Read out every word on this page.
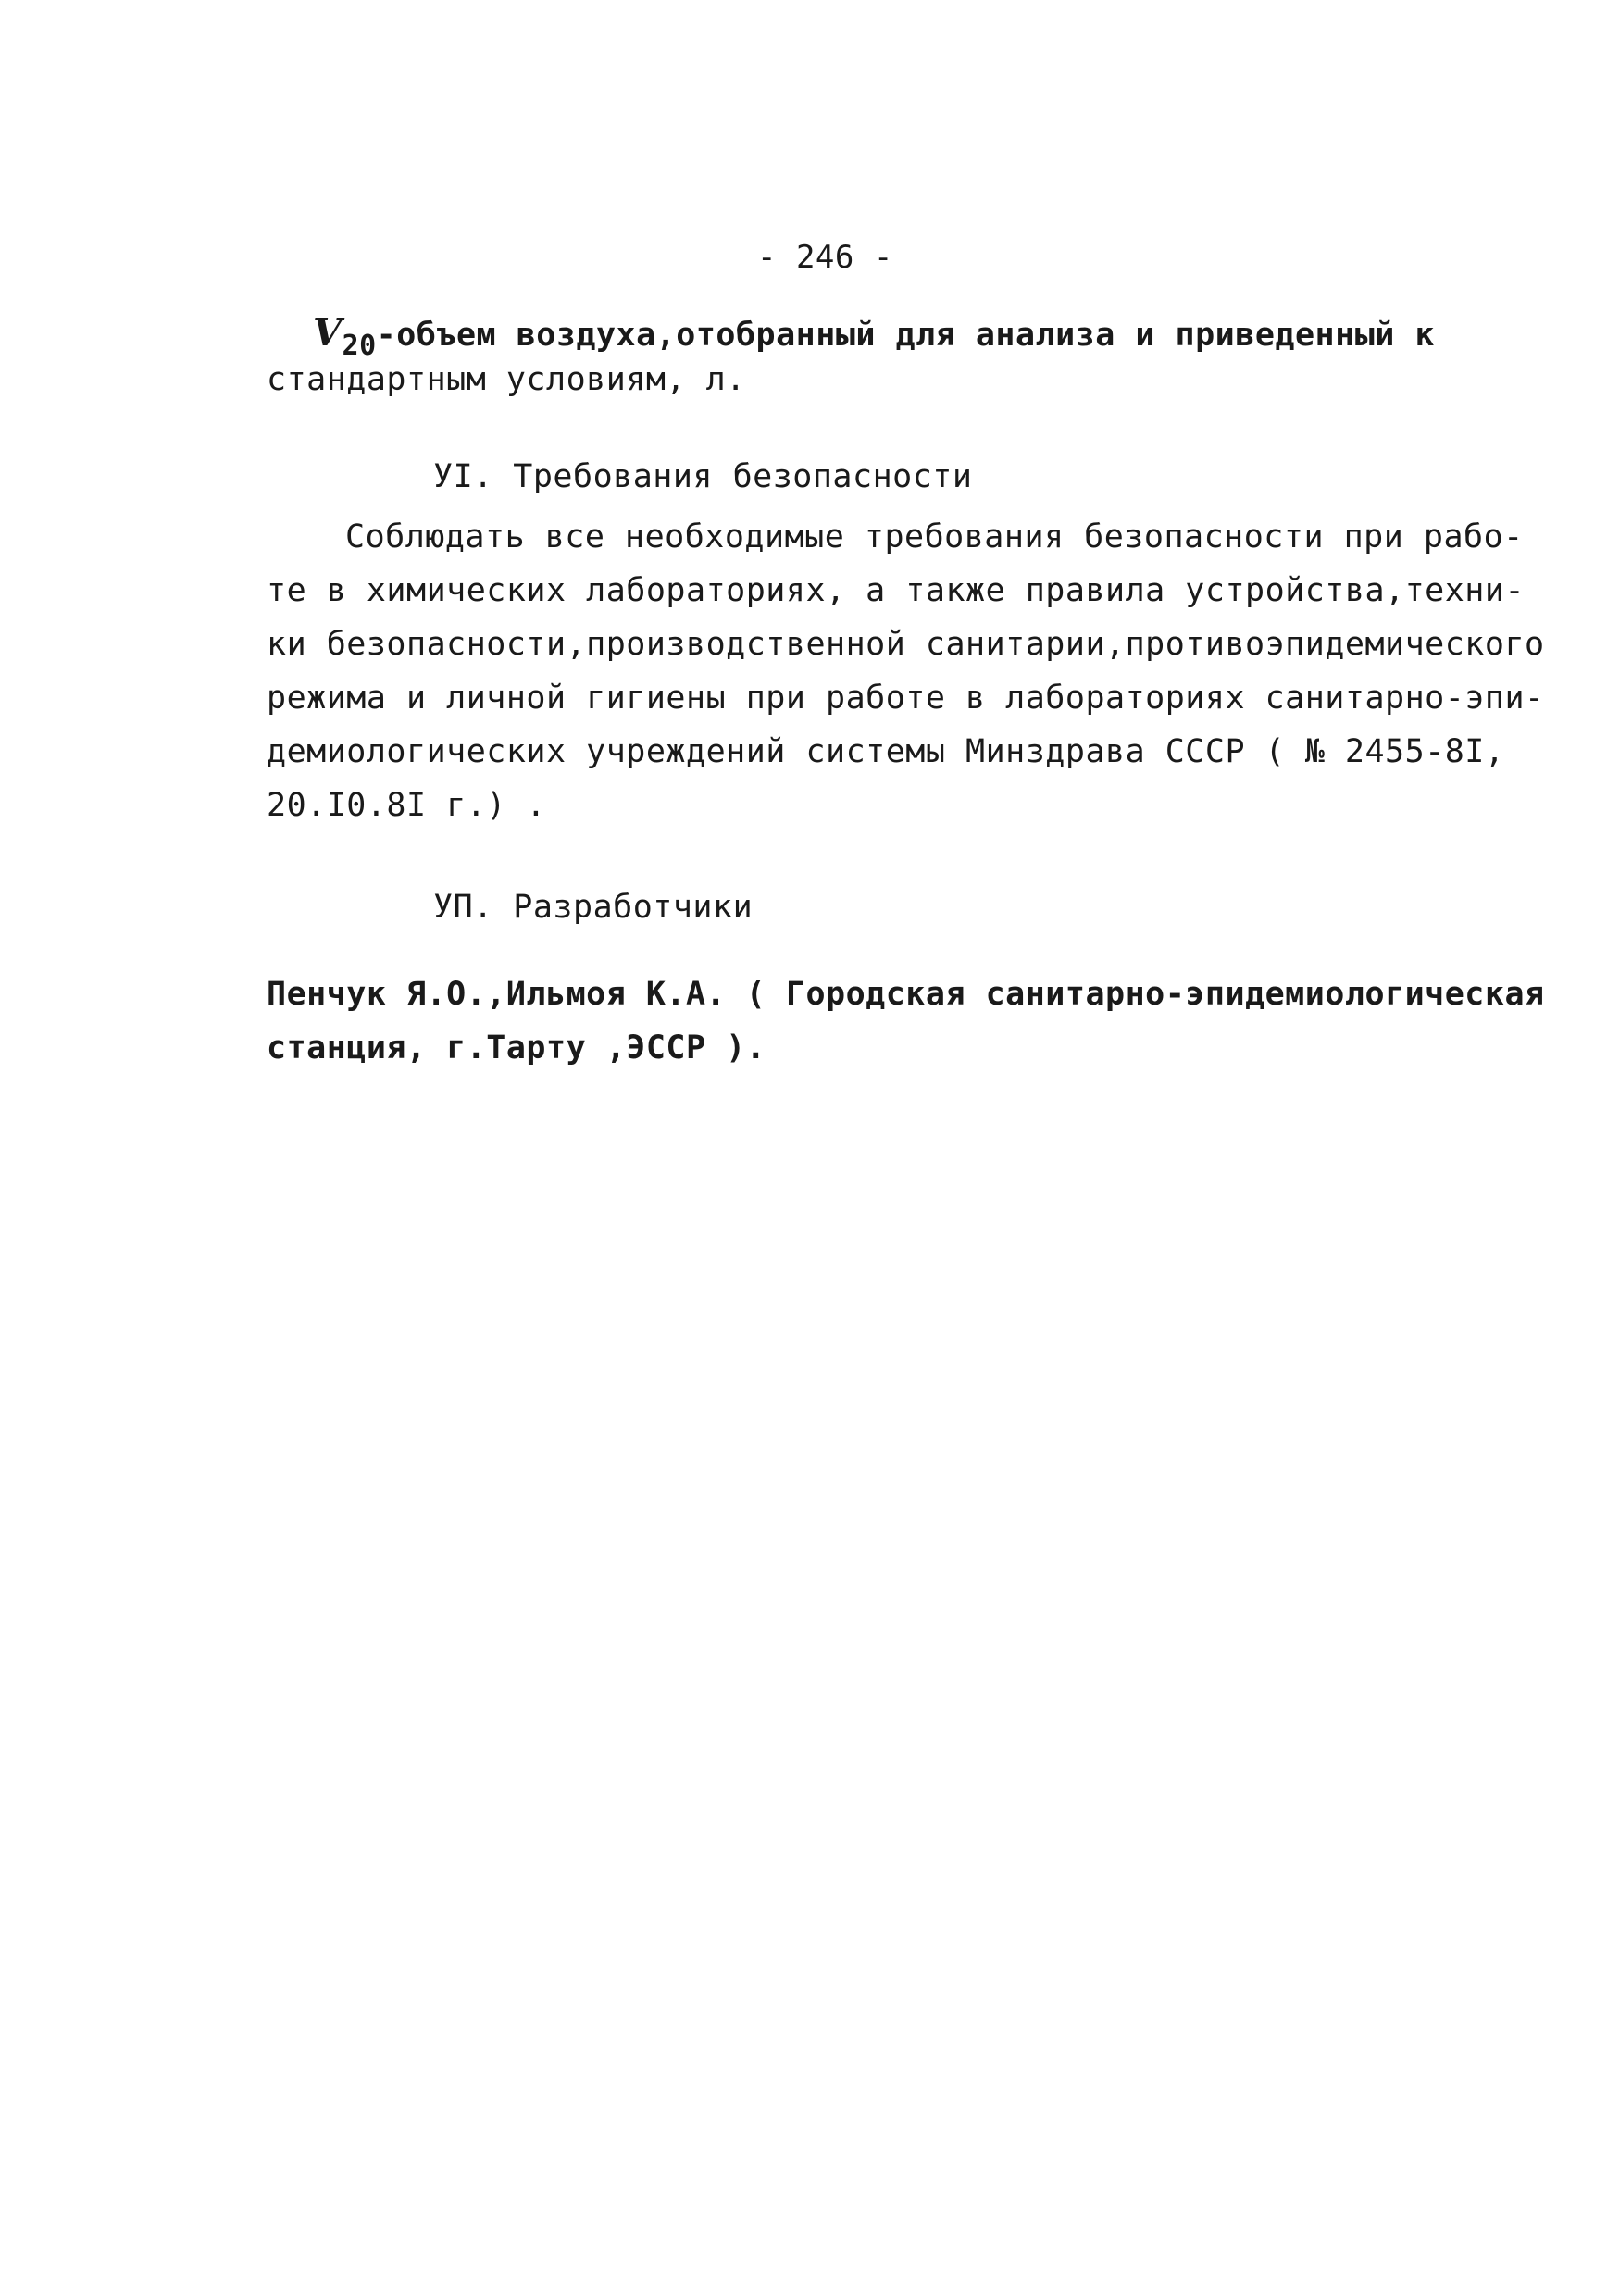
- 246 -
V20-объем воздуха,отобранный для анализа и приведенный к
стандартным условиям, л.
УI. Требования безопасности
Соблюдать все необходимые требования безопасности при рабо-
те в химических лабораториях, а также правила устройства,техни-
ки безопасности,производственной санитарии,противоэпидемического
режима и личной гигиены при работе в лабораториях санитарно-эпи-
демиологических учреждений системы Минздрава СССР ( № 2455-8I,
20.I0.8I г.) .
УП. Разработчики
Пенчук Я.О.,Ильмоя К.А. ( Городская санитарно-эпидемиологическая
станция, г.Тарту ,ЭССР ).
